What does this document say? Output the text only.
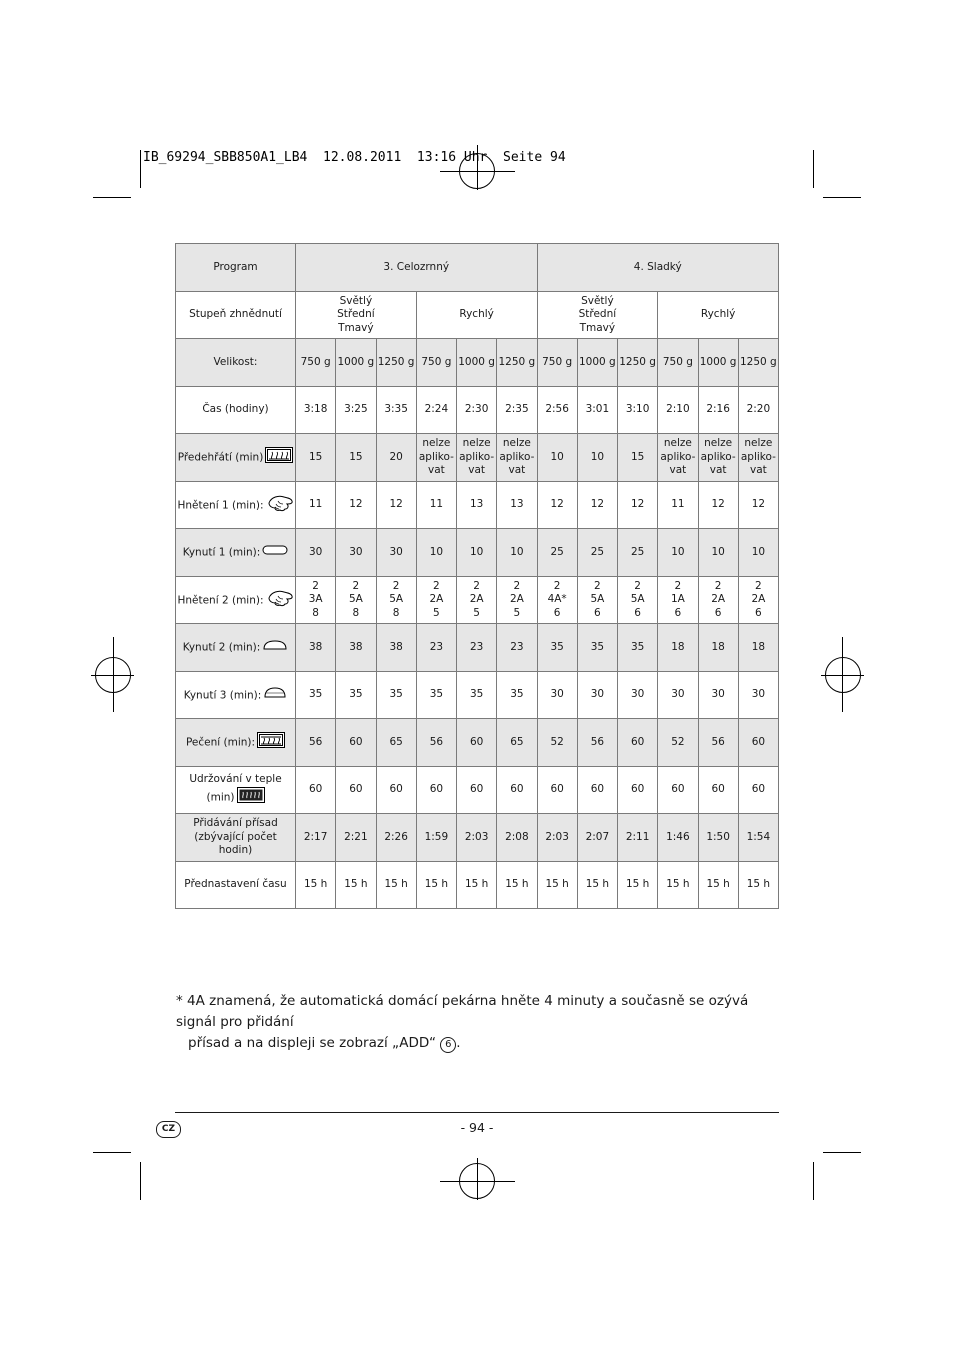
IB_69294_SBB850A1_LB4  12.08.2011  13:16 Uhr  Seite 94
Program	3. Celozrnný						4. Sladký					
Stupeň zhnědnutí	Světlý
Střední
Tmavý			Rychlý			Světlý
Střední
Tmavý			Rychlý		
Velikost:	750 g	1000 g	1250 g	750 g	1000 g	1250 g	750 g	1000 g	1250 g	750 g	1000 g	1250 g
Čas (hodiny)	3:18	3:25	3:35	2:24	2:30	2:35	2:56	3:01	3:10	2:10	2:16	2:20
Předehřátí (min)	15	15	20	nelze
apliko-
vat	nelze
apliko-
vat	nelze
apliko-
vat	10	10	15	nelze
apliko-
vat	nelze
apliko-
vat	nelze
apliko-
vat
Hnětení 1 (min):	11	12	12	11	13	13	12	12	12	11	12	12
Kynutí 1 (min):	30	30	30	10	10	10	25	25	25	10	10	10
Hnětení 2 (min):	2
3A
8	2
5A
8	2
5A
8	2
2A
5	2
2A
5	2
2A
5	2
4A*
6	2
5A
6	2
5A
6	2
1A
6	2
2A
6	2
2A
6
Kynutí 2 (min):	38	38	38	23	23	23	35	35	35	18	18	18
Kynutí 3 (min):	35	35	35	35	35	35	30	30	30	30	30	30
Pečení (min):	56	60	65	56	60	65	52	56	60	52	56	60
Udržování v teple
(min)	60	60	60	60	60	60	60	60	60	60	60	60
Přidávání přísad
(zbývající počet hodin)	2:17	2:21	2:26	1:59	2:03	2:08	2:03	2:07	2:11	1:46	1:50	1:54
Přednastavení času	15 h	15 h	15 h	15 h	15 h	15 h	15 h	15 h	15 h	15 h	15 h	15 h
* 4A znamená, že automatická domácí pekárna hněte 4 minuty a současně se ozývá signál pro přidání
přísad a na displeji se zobrazí „ADD“ 6 .
CZ	- 94 -
